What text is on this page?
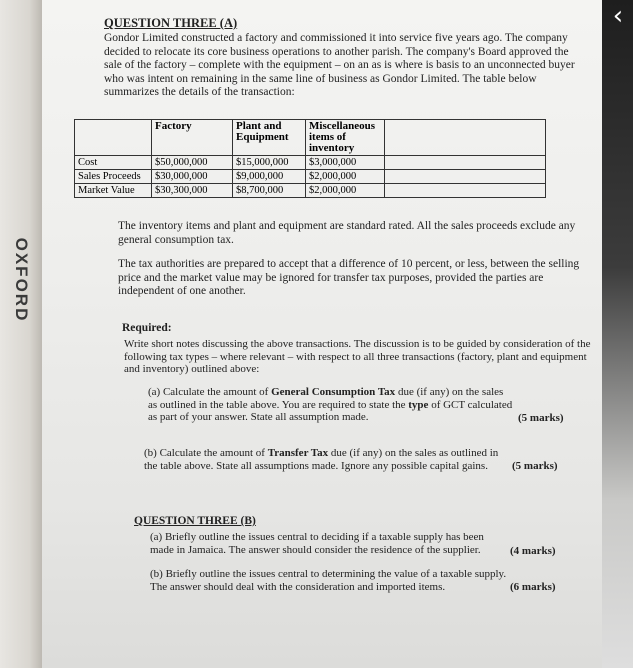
OXFORD
‹
QUESTION THREE (A)

Gondor Limited constructed a factory and commissioned it into service five years ago. The company decided to relocate its core business operations to another parish. The company's Board approved the sale of the factory – complete with the equipment – on an as is where is basis to an unconnected buyer who was intent on remaining in the same line of business as Gondor Limited. The table below summarizes the details of the transaction:

The inventory items and plant and equipment are standard rated. All the sales proceeds exclude any general consumption tax.

The tax authorities are prepared to accept that a difference of 10 percent, or less, between the selling price and the market value may be ignored for transfer tax purposes, provided the parties are independent of one another.

Required:

Write short notes discussing the above transactions. The discussion is to be guided by consideration of the following tax types – where relevant – with respect to all three transactions (factory, plant and equipment and inventory) outlined above:

(a) Calculate the amount of General Consumption Tax due (if any) on the sales as outlined in the table above. You are required to state the type of GCT calculated as part of your answer. State all assumption made.	(5 marks)
(b) Calculate the amount of Transfer Tax due (if any) on the sales as outlined in the table above. State all assumptions made. Ignore any possible capital gains.	(5 marks)
QUESTION THREE (B)
(a) Briefly outline the issues central to deciding if a taxable supply has been made in Jamaica. The answer should consider the residence of the supplier.	(4 marks)
(b) Briefly outline the issues central to determining the value of a taxable supply. The answer should deal with the consideration and imported items.	(6 marks)
	Factory	Plant and Equipment	Miscellaneous items of inventory	
Cost	$50,000,000	$15,000,000	$3,000,000	
Sales Proceeds	$30,000,000	$9,000,000	$2,000,000	
Market Value	$30,300,000	$8,700,000	$2,000,000	
